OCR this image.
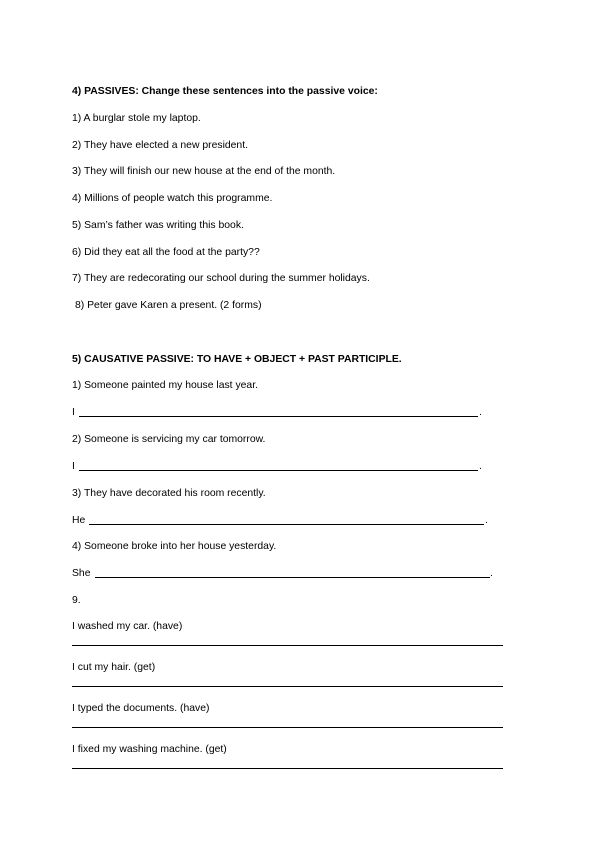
4) PASSIVES: Change these sentences into the passive voice:
1) A burglar stole my laptop.
2) They have elected a new president.
3) They will finish our new house at the end of the month.
4) Millions of people watch this programme.
5) Sam’s father was writing this book.
6) Did they eat all the food at the party??
7) They are redecorating our school during the summer holidays.
8) Peter gave Karen a present. (2 forms)
5) CAUSATIVE PASSIVE: TO HAVE + OBJECT + PAST PARTICIPLE.
1) Someone painted my house last year.
I	.
2) Someone is servicing my car tomorrow.
I	.
3) They have decorated his room recently.
He	.
4) Someone broke into her house yesterday.
She	.
9.
I washed my car. (have)
I cut my hair. (get)
I typed the documents. (have)
I fixed my washing machine. (get)
